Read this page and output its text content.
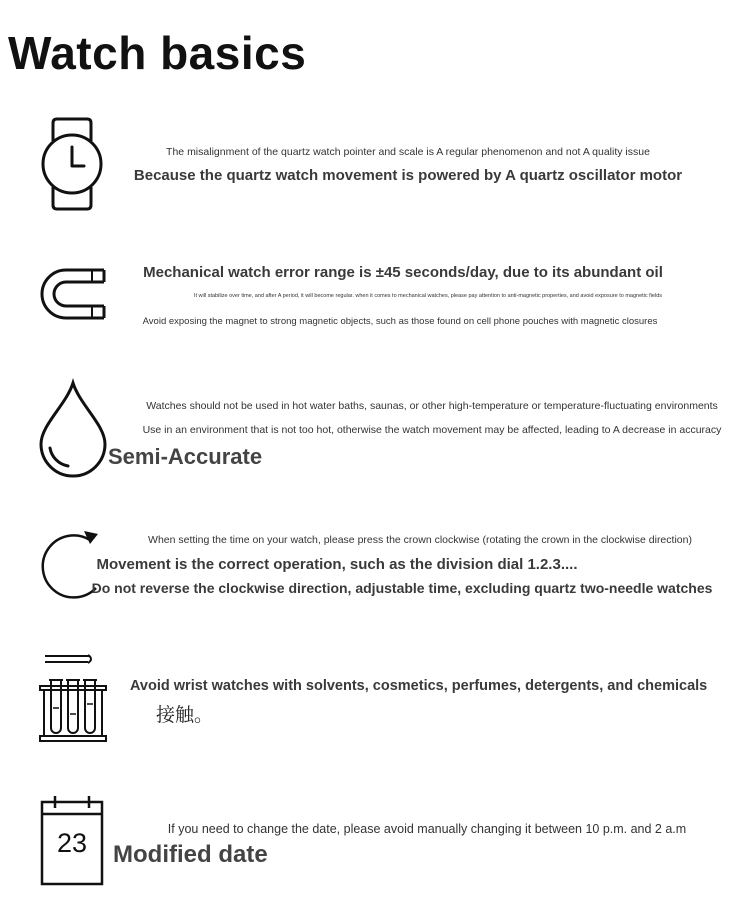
Watch basics
The misalignment of the quartz watch pointer and scale is A regular phenomenon and not A quality issue
Because the quartz watch movement is powered by A quartz oscillator motor
Mechanical watch error range is ±45 seconds/day, due to its abundant oil
It will stabilize over time, and after A period, it will become regular. when it comes to mechanical watches, please pay attention to anti-magnetic properties, and avoid exposure to magnetic fields
Avoid exposing the magnet to strong magnetic objects, such as those found on cell phone pouches with magnetic closures
Watches should not be used in hot water baths, saunas, or other high-temperature or temperature-fluctuating environments
Use in an environment that is not too hot, otherwise the watch movement may be affected, leading to A decrease in accuracy
Semi-Accurate
When setting the time on your watch, please press the crown clockwise (rotating the crown in the clockwise direction)
Movement is the correct operation, such as the division dial 1.2.3....
Do not reverse the clockwise direction, adjustable time, excluding quartz two-needle watches
Avoid wrist watches with solvents, cosmetics, perfumes, detergents, and chemicals
接触。
23	If you need to change the date, please avoid manually changing it between 10 p.m. and 2 a.m
Modified date
